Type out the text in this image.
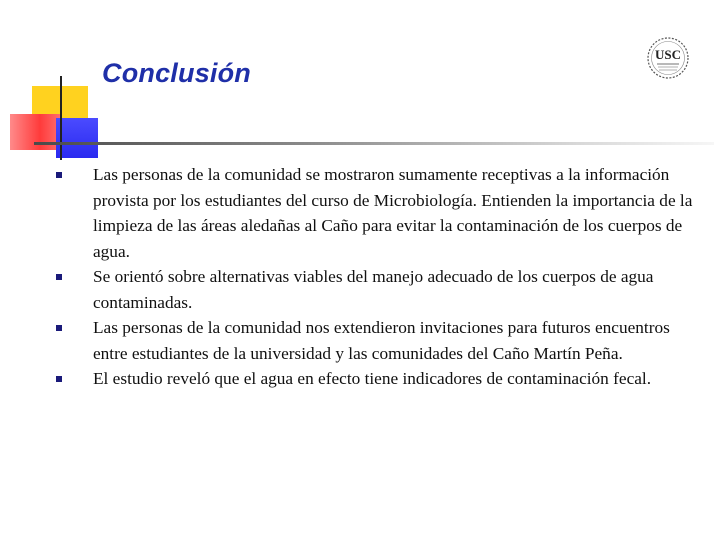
Conclusión
USC
Las personas de la comunidad se mostraron sumamente receptivas a la información provista por los estudiantes del curso de Microbiología. Entienden la importancia de la limpieza de las áreas aledañas al Caño para evitar la contaminación de los cuerpos de agua.
Se orientó sobre alternativas viables del manejo adecuado de los cuerpos de agua contaminadas.
Las personas de la comunidad nos extendieron invitaciones para futuros encuentros entre estudiantes de la universidad y las comunidades del Caño Martín Peña.
El estudio reveló que el agua en efecto tiene indicadores de contaminación fecal.
